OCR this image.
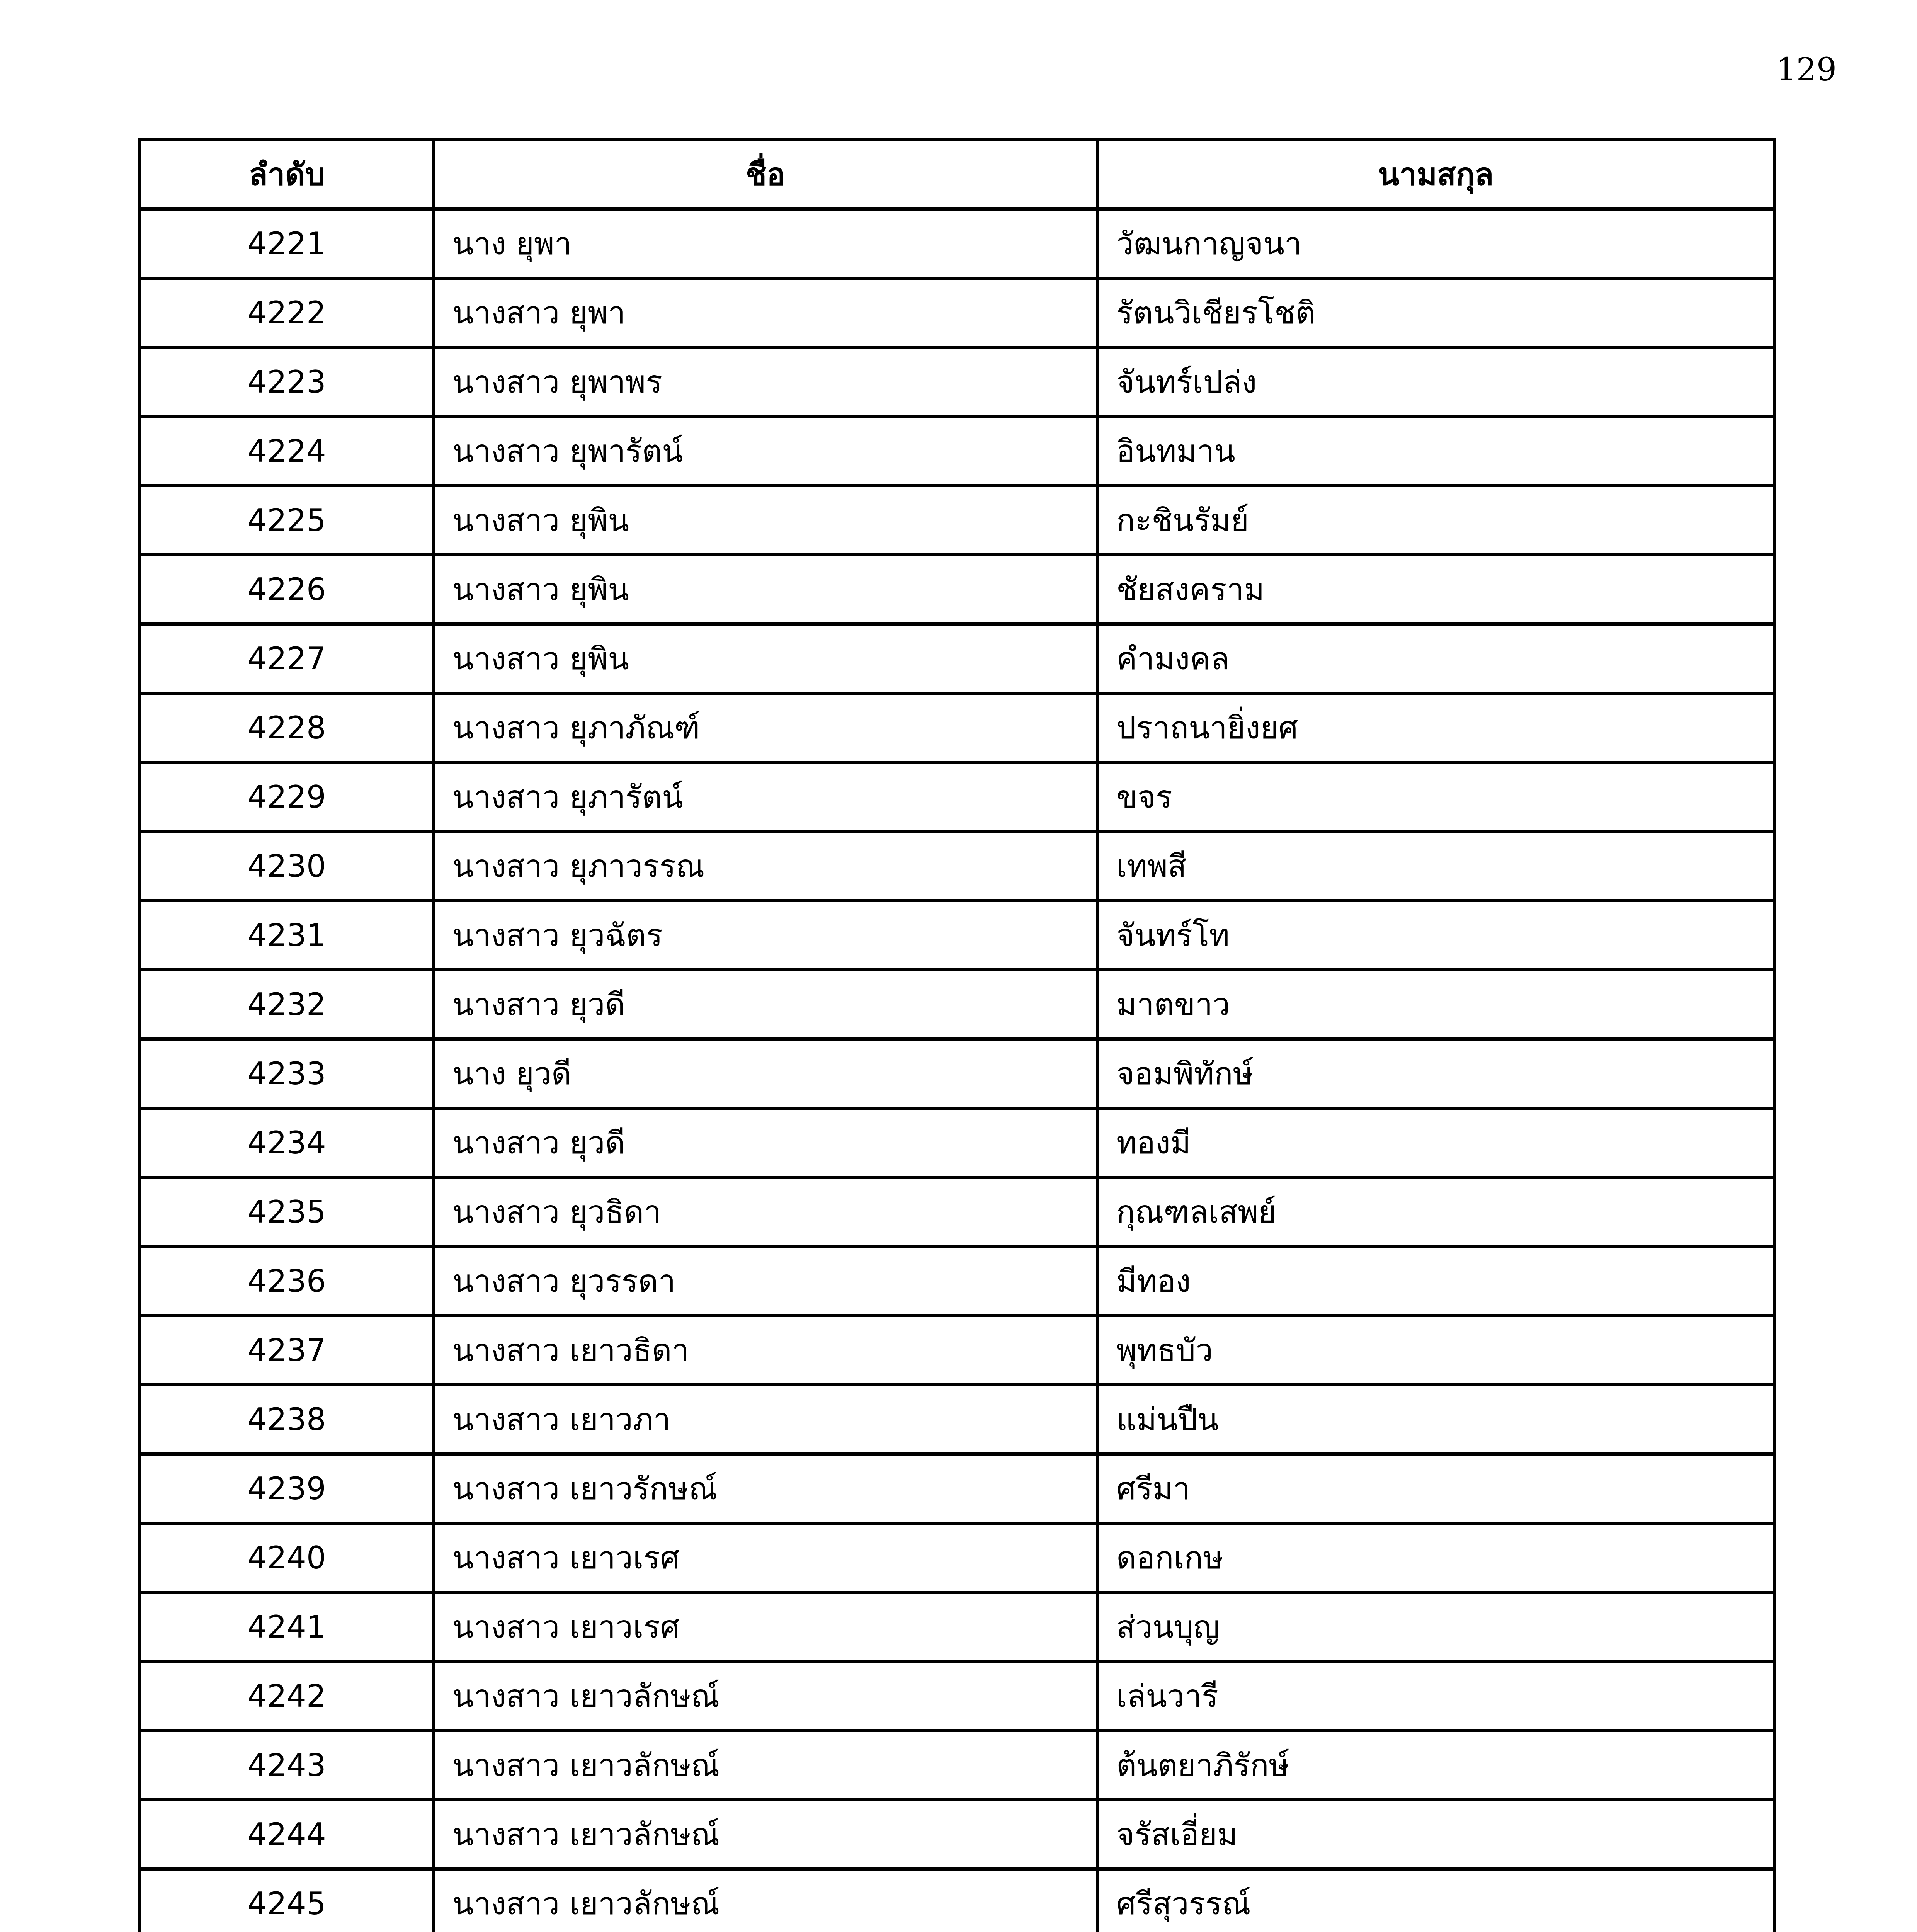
129
ลำดับ	ชื่อ	นามสกุล
4221	นาง ยุพา	วัฒนกาญจนา
4222	นางสาว ยุพา	รัตนวิเชียรโชติ
4223	นางสาว ยุพาพร	จันทร์เปล่ง
4224	นางสาว ยุพารัตน์	อินทมาน
4225	นางสาว ยุพิน	กะชินรัมย์
4226	นางสาว ยุพิน	ชัยสงคราม
4227	นางสาว ยุพิน	คำมงคล
4228	นางสาว ยุภาภัณฑ์	ปราถนายิ่งยศ
4229	นางสาว ยุภารัตน์	ขจร
4230	นางสาว ยุภาวรรณ	เทพสี
4231	นางสาว ยุวฉัตร	จันทร์โท
4232	นางสาว ยุวดี	มาตขาว
4233	นาง ยุวดี	จอมพิทักษ์
4234	นางสาว ยุวดี	ทองมี
4235	นางสาว ยุวธิดา	กุณฑลเสพย์
4236	นางสาว ยุวรรดา	มีทอง
4237	นางสาว เยาวธิดา	พุทธบัว
4238	นางสาว เยาวภา	แม่นปืน
4239	นางสาว เยาวรักษณ์	ศรีมา
4240	นางสาว เยาวเรศ	ดอกเกษ
4241	นางสาว เยาวเรศ	ส่วนบุญ
4242	นางสาว เยาวลักษณ์	เล่นวารี
4243	นางสาว เยาวลักษณ์	ต้นตยาภิรักษ์
4244	นางสาว เยาวลักษณ์	จรัสเอี่ยม
4245	นางสาว เยาวลักษณ์	ศรีสุวรรณ์
